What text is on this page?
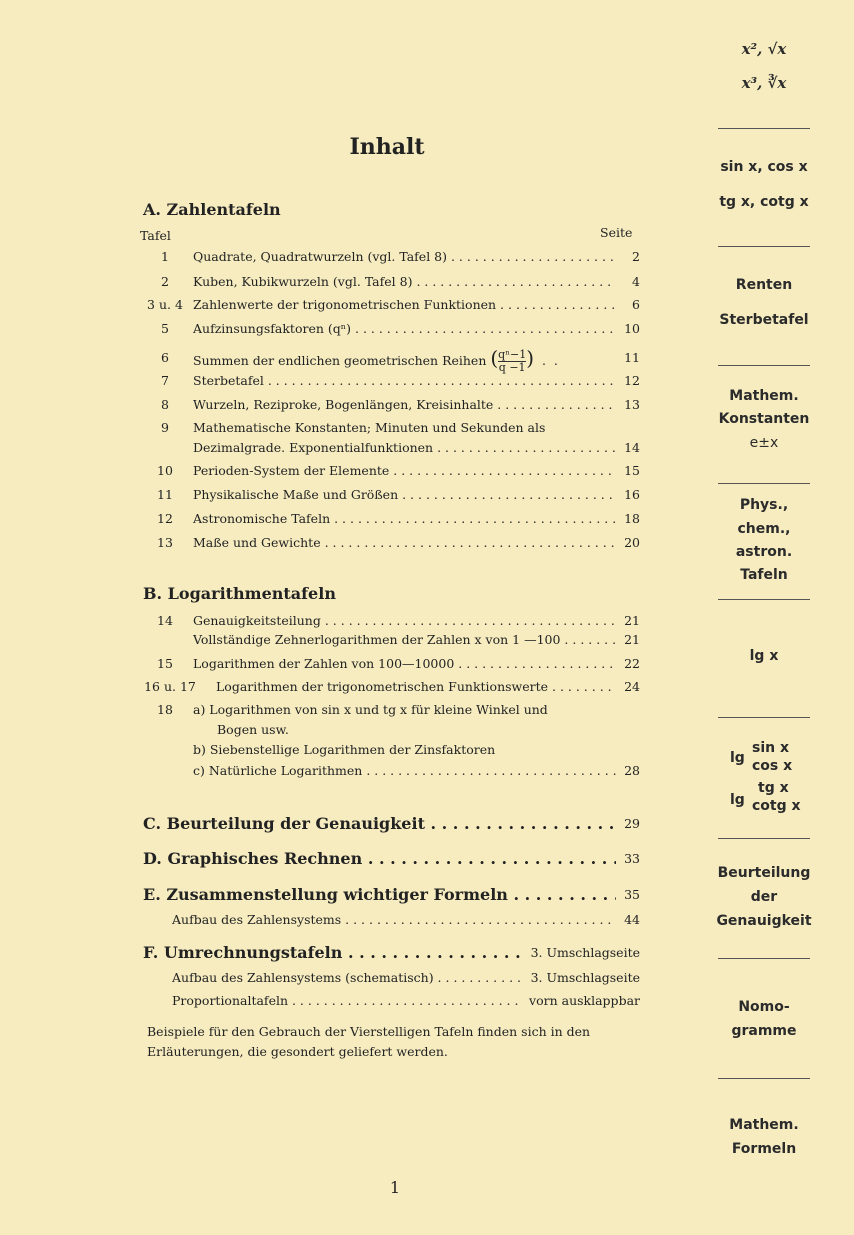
Inhalt
A. Zahlentafeln
Tafel	Seite
1	Quadrate, Quadratwurzeln (vgl. Tafel 8) . . .	2
2	Kuben, Kubikwurzeln (vgl. Tafel 8) . . .	4
3 u. 4 Zahlenwerte der trigonometrischen Funktionen . . .	6
5	Aufzinsungsfaktoren (qⁿ) . . .	10
6	Summen der endlichen geometrischen Reihen ( $\frac{\text{qⁿ−1}}{q -1}$ )  .  .	11
7	Sterbetafel . . .	12
8	Wurzeln, Reziproke, Bogenlängen, Kreisinhalte . . .	13
9	Mathematische Konstanten; Minuten und Sekunden als
Dezimalgrade. Exponentialfunktionen . . .	14
10	Perioden-System der Elemente . . .	15
11	Physikalische Maße und Größen . . .	16
12	Astronomische Tafeln . . .	18
13	Maße und Gewichte . . .	20
B. Logarithmentafeln
14	Genauigkeitsteilung . . .	21
Vollständige Zehnerlogarithmen der Zahlen x von 1 —100 . . .	21
15	Logarithmen der Zahlen von 100—10000 . . .	22
16 u. 17	Logarithmen der trigonometrischen Funktionswerte . . .	24
18	a) Logarithmen von sin x und tg x für kleine Winkel und
Bogen usw.
b) Siebenstellige Logarithmen der Zinsfaktoren
c) Natürliche Logarithmen . . .	28
C. Beurteilung der Genauigkeit . . .	29
D. Graphisches Rechnen . . .	33
E. Zusammenstellung wichtiger Formeln . . .	35
Aufbau des Zahlensystems . . .	44
F. Umrechnungstafeln . . .	3. Umschlagseite
Aufbau des Zahlensystems (schematisch) . . .	3. Umschlagseite
Proportionaltafeln . . .	vorn ausklappbar
Beispiele für den Gebrauch der Vierstelligen Tafeln finden sich in den Erläuterungen, die gesondert geliefert werden.
1
x², √x
x³, ∛x
sin x, cos x
tg x, cotg x
Renten
Sterbetafel
Mathem.
Konstanten
e±x
Phys.,
chem.,
astron.
Tafeln
lg x
lg
sin x
cos x
lg
tg x
cotg x
Beurteilung
der
Genauigkeit
Nomo-
gramme
Mathem.
Formeln
